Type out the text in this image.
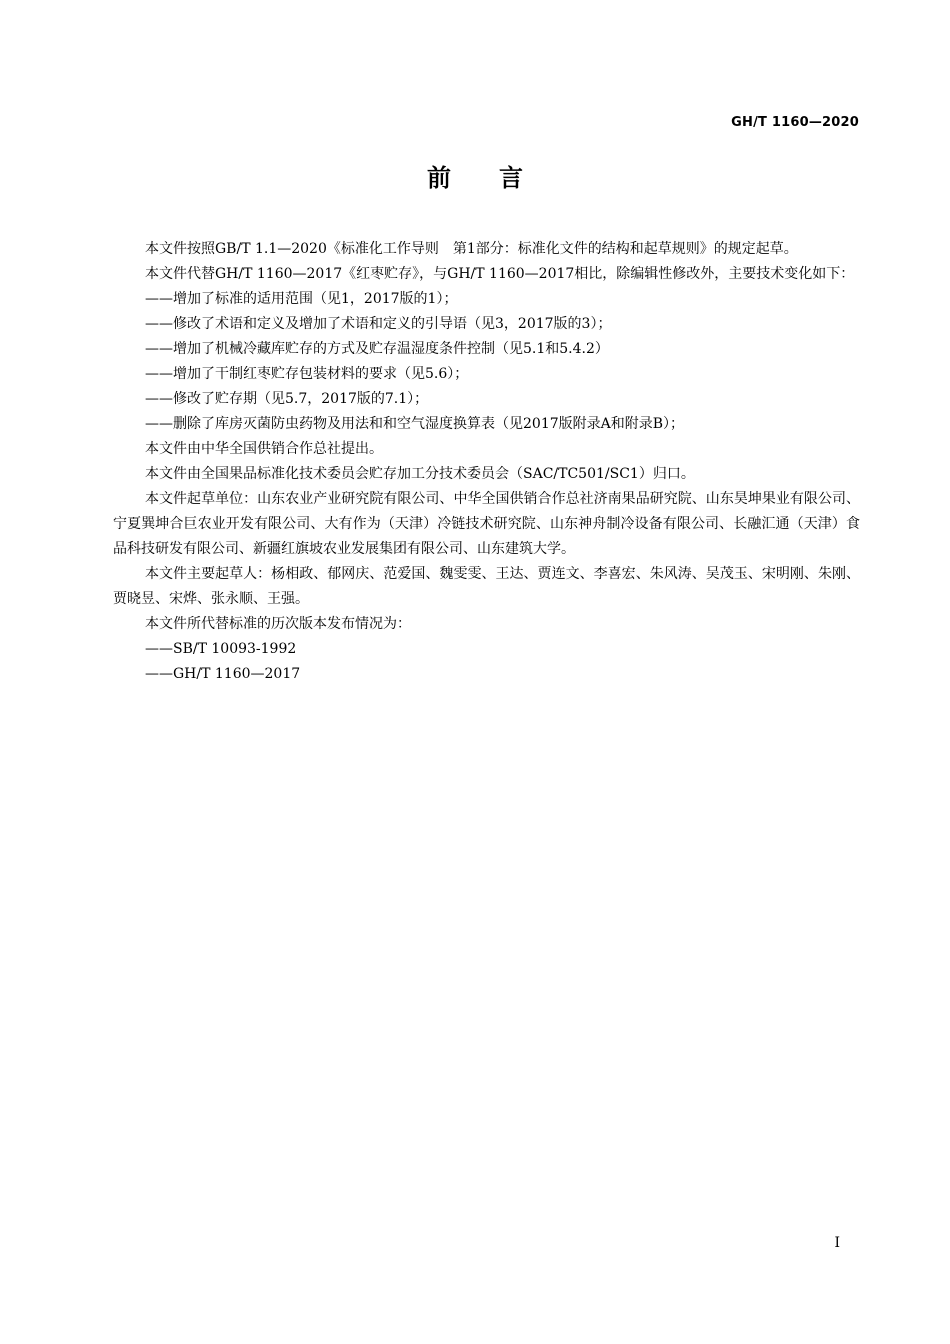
GH/T 1160—2020
前言

本文件按照GB/T 1.1—2020《标准化工作导则　第1部分：标准化文件的结构和起草规则》的规定起草。

本文件代替GH/T 1160—2017《红枣贮存》，与GH/T 1160—2017相比，除编辑性修改外，主要技术变化如下：

——增加了标准的适用范围（见1，2017版的1）；

——修改了术语和定义及增加了术语和定义的引导语（见3，2017版的3）；

——增加了机械冷藏库贮存的方式及贮存温湿度条件控制（见5.1和5.4.2）

——增加了干制红枣贮存包装材料的要求（见5.6）；

——修改了贮存期（见5.7，2017版的7.1）；

——删除了库房灭菌防虫药物及用法和和空气湿度换算表（见2017版附录A和附录B）；

本文件由中华全国供销合作总社提出。

本文件由全国果品标准化技术委员会贮存加工分技术委员会（SAC/TC501/SC1）归口。

本文件起草单位：山东农业产业研究院有限公司、中华全国供销合作总社济南果品研究院、山东昊坤果业有限公司、宁夏巽坤合巨农业开发有限公司、大有作为（天津）冷链技术研究院、山东神舟制冷设备有限公司、长融汇通（天津）食品科技研发有限公司、新疆红旗坡农业发展集团有限公司、山东建筑大学。

本文件主要起草人：杨相政、郁网庆、范爱国、魏雯雯、王达、贾连文、李喜宏、朱风涛、吴茂玉、宋明刚、朱刚、贾晓昱、宋烨、张永顺、王强。

本文件所代替标准的历次版本发布情况为：

——SB/T 10093-1992

——GH/T 1160—2017

I
